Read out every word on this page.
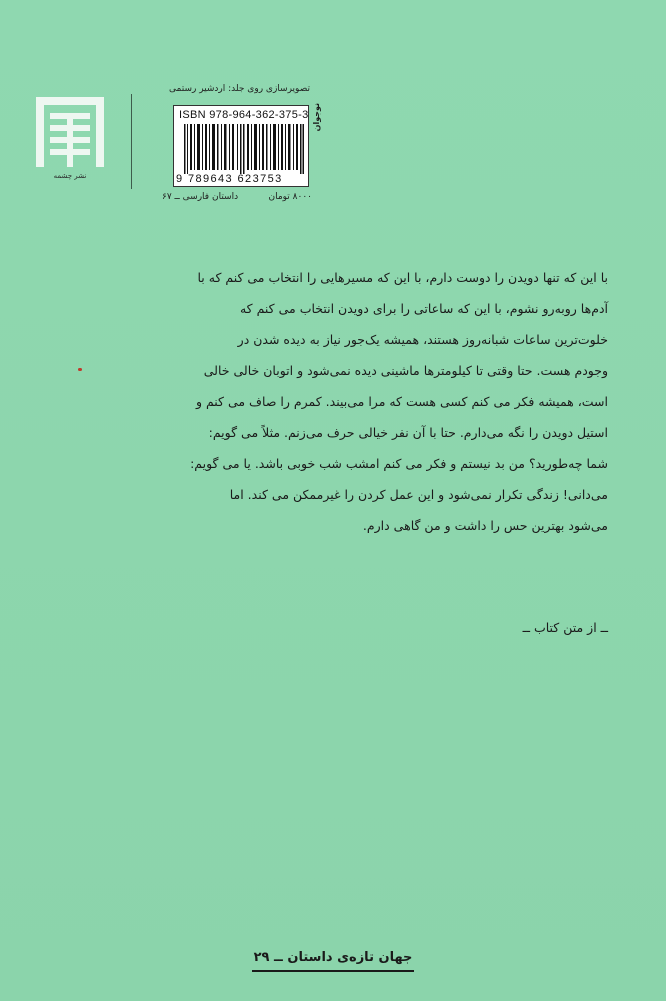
نشر چشمه
تصویرسازی روی جلد: اردشیر رستمی
نوجوان
ISBN 978-964-362-375-3
9 789643 623753
۸۰۰۰ تومان
داستان فارسی ــ ۶۷

با این که تنها دویدن را دوست دارم، با این که مسیرهایی را انتخاب می کنم که با

آدم‌ها روبه‌رو نشوم، با این که ساعاتی را برای دویدن انتخاب می کنم که

خلوت‌ترین ساعات شبانه‌روز هستند، همیشه یک‌جور نیاز به دیده شدن در

وجودم هست. حتا وقتی تا کیلومترها ماشینی دیده نمی‌شود و اتوبان خالی خالی

است، همیشه فکر می کنم کسی هست که مرا می‌بیند. کمرم را صاف می کنم و

استیل دویدن را نگه می‌دارم. حتا با آن نفر خیالی حرف می‌زنم. مثلاً می گویم:

شما چه‌طورید؟ من بد نیستم و فکر می کنم امشب شب خوبی باشد. یا می گویم:

می‌دانی! زندگی تکرار نمی‌شود و این عمل کردن را غیرممکن می کند. اما

می‌شود بهترین حس را داشت و من گاهی دارم.

ــ از متن کتاب ــ
جهان تازه‌ی داستان ــ ۲۹
